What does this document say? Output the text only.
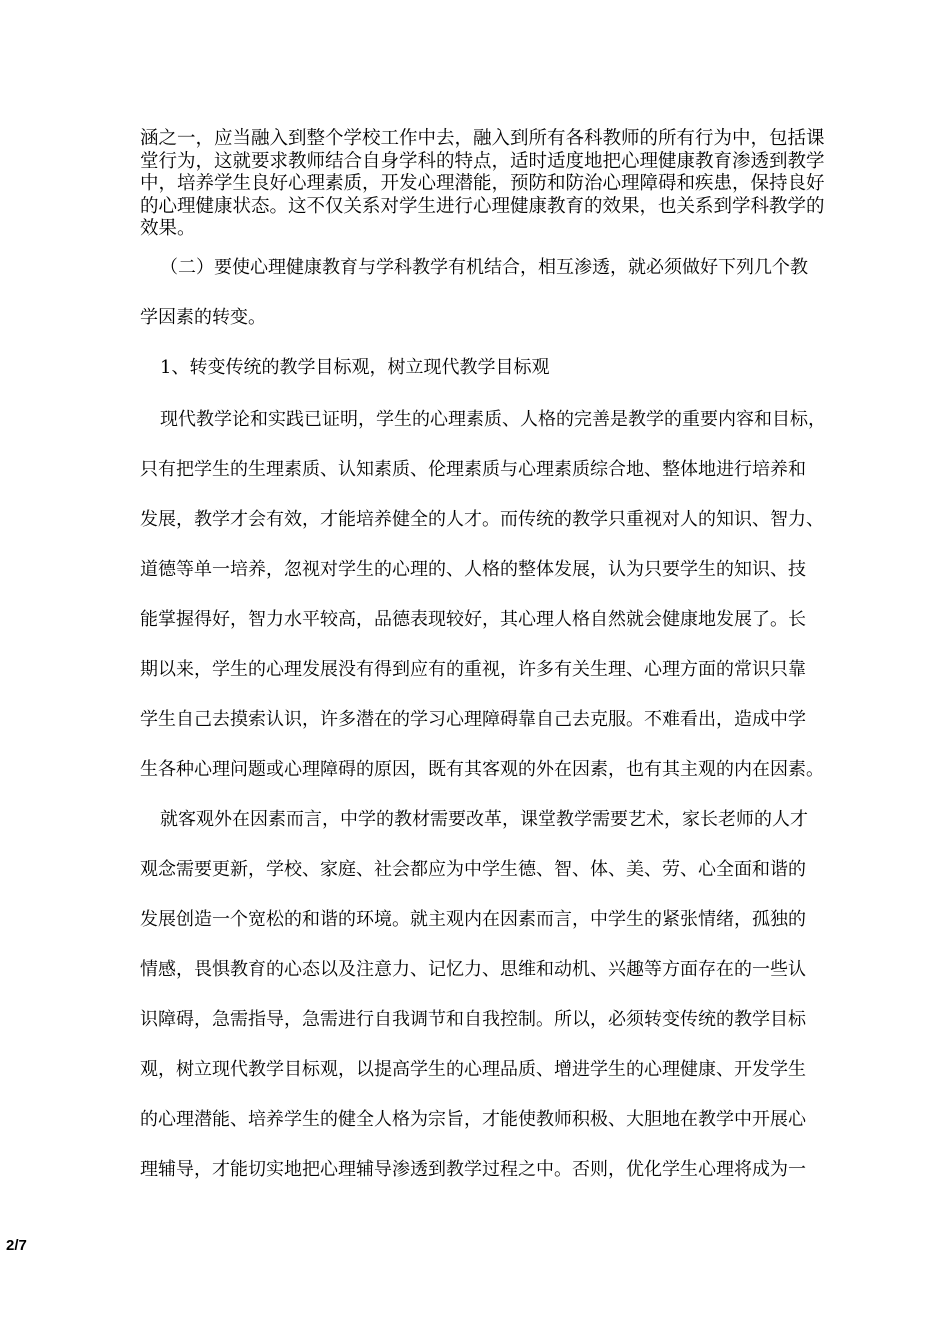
涵之一，应当融入到整个学校工作中去，融入到所有各科教师的所有行为中，包括课
堂行为，这就要求教师结合自身学科的特点，适时适度地把心理健康教育渗透到教学
中，培养学生良好心理素质，开发心理潜能，预防和防治心理障碍和疾患，保持良好
的心理健康状态。这不仅关系对学生进行心理健康教育的效果，也关系到学科教学的
效果。
（二）要使心理健康教育与学科教学有机结合，相互渗透，就必须做好下列几个教
学因素的转变。
1、转变传统的教学目标观，树立现代教学目标观
现代教学论和实践已证明，学生的心理素质、人格的完善是教学的重要内容和目标，
只有把学生的生理素质、认知素质、伦理素质与心理素质综合地、整体地进行培养和
发展，教学才会有效，才能培养健全的人才。而传统的教学只重视对人的知识、智力、
道德等单一培养，忽视对学生的心理的、人格的整体发展，认为只要学生的知识、技
能掌握得好，智力水平较高，品德表现较好，其心理人格自然就会健康地发展了。长
期以来，学生的心理发展没有得到应有的重视，许多有关生理、心理方面的常识只靠
学生自己去摸索认识，许多潜在的学习心理障碍靠自己去克服。不难看出，造成中学
生各种心理问题或心理障碍的原因，既有其客观的外在因素，也有其主观的内在因素。
就客观外在因素而言，中学的教材需要改革，课堂教学需要艺术，家长老师的人才
观念需要更新，学校、家庭、社会都应为中学生德、智、体、美、劳、心全面和谐的
发展创造一个宽松的和谐的环境。就主观内在因素而言，中学生的紧张情绪，孤独的
情感，畏惧教育的心态以及注意力、记忆力、思维和动机、兴趣等方面存在的一些认
识障碍，急需指导，急需进行自我调节和自我控制。所以，必须转变传统的教学目标
观，树立现代教学目标观，以提高学生的心理品质、增进学生的心理健康、开发学生
的心理潜能、培养学生的健全人格为宗旨，才能使教师积极、大胆地在教学中开展心
理辅导，才能切实地把心理辅导渗透到教学过程之中。否则，优化学生心理将成为一
2/7
